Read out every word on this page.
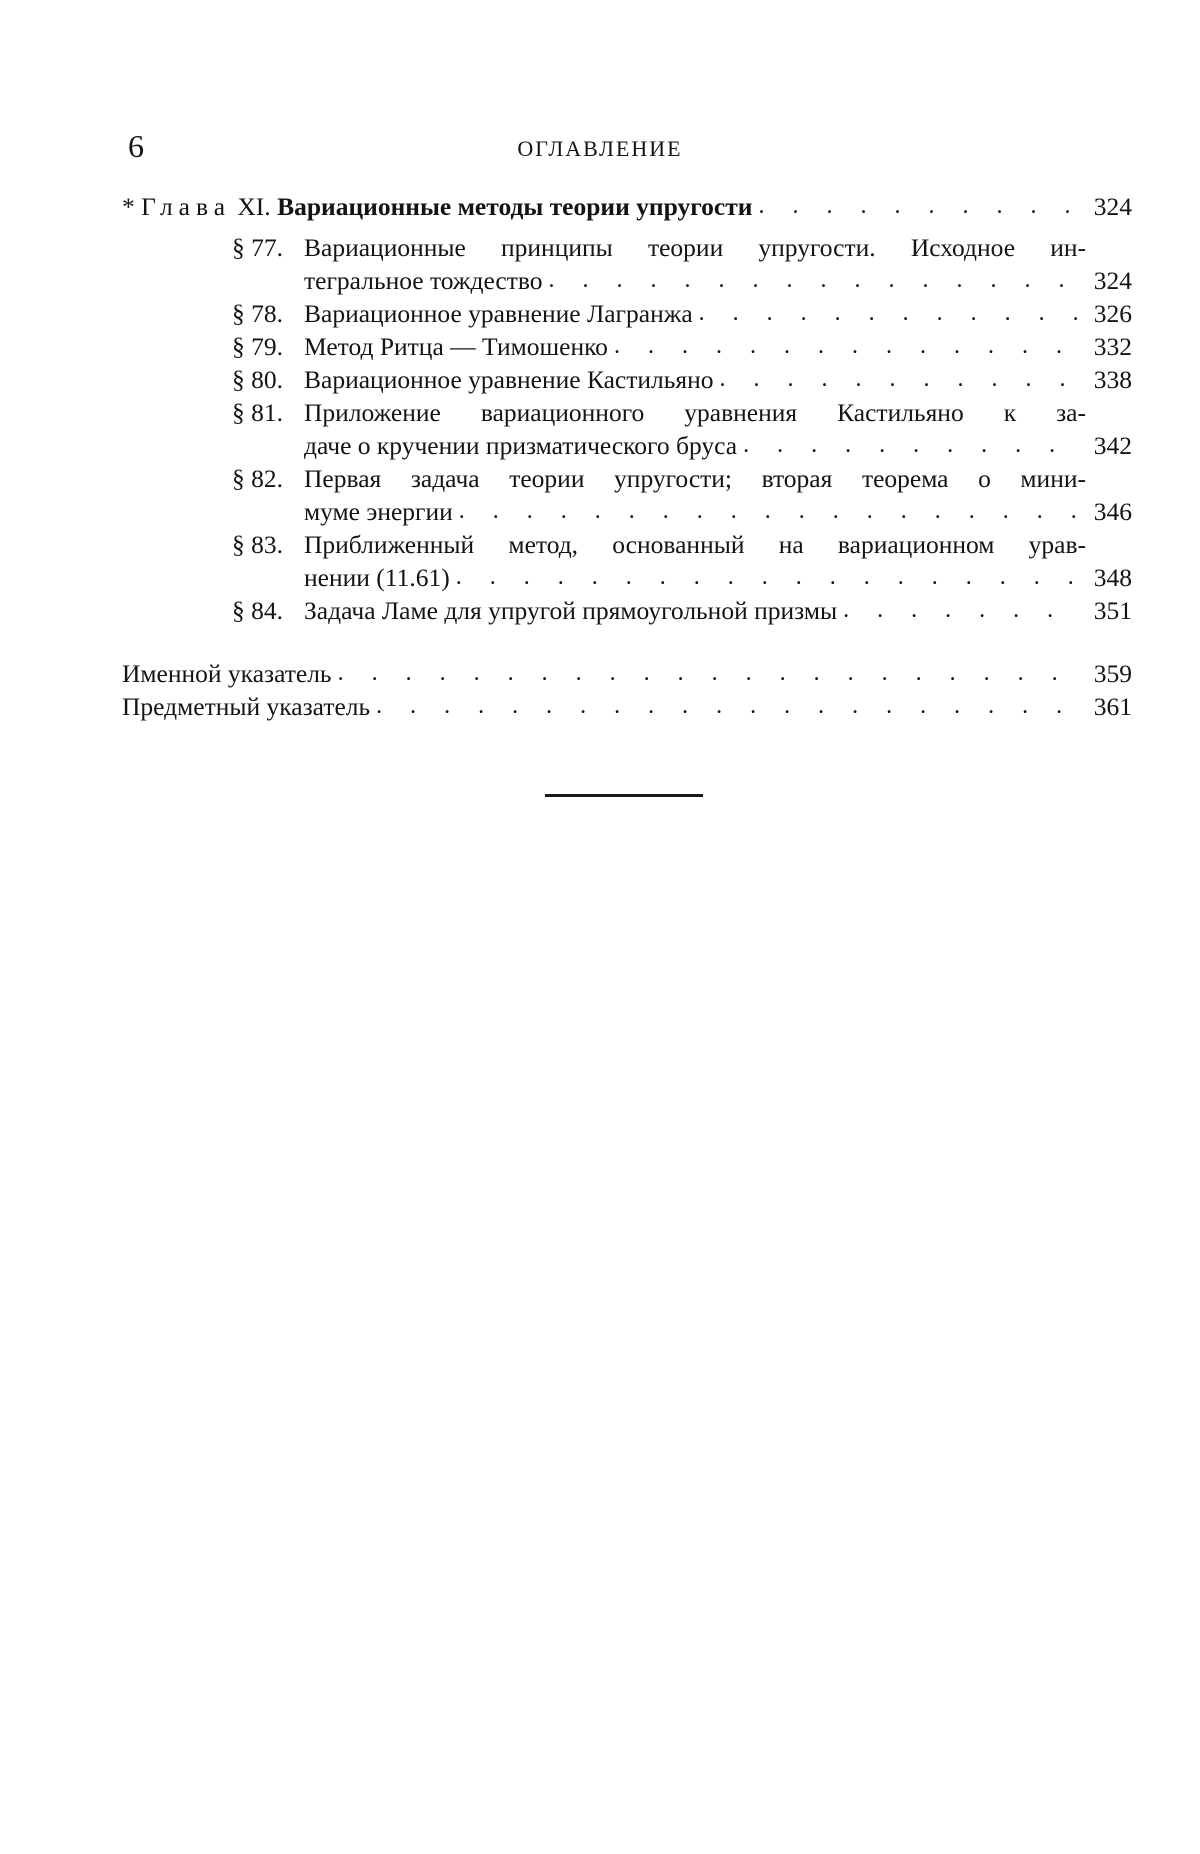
6	ОГЛАВЛЕНИЕ
* Глава XI. Вариационные методы теории упругости . . .	324
§ 77. Вариационные принципы теории упругости. Исходное ин-
тегральное тождество . . .	324
§ 78. Вариационное уравнение Лагранжа . . .	326
§ 79. Метод Ритца — Тимошенко . . .	332
§ 80. Вариационное уравнение Кастильяно . . .	338
§ 81. Приложение вариационного уравнения Кастильяно к за-
даче о кручении призматического бруса . . .	342
§ 82. Первая задача теории упругости; вторая теорема о мини-
муме энергии . . .	346
§ 83. Приближенный метод, основанный на вариационном урав-
нении (11.61) . . .	348
§ 84. Задача Ламе для упругой прямоугольной призмы . . .	351
Именной указатель . . .	359
Предметный указатель . . .	361
